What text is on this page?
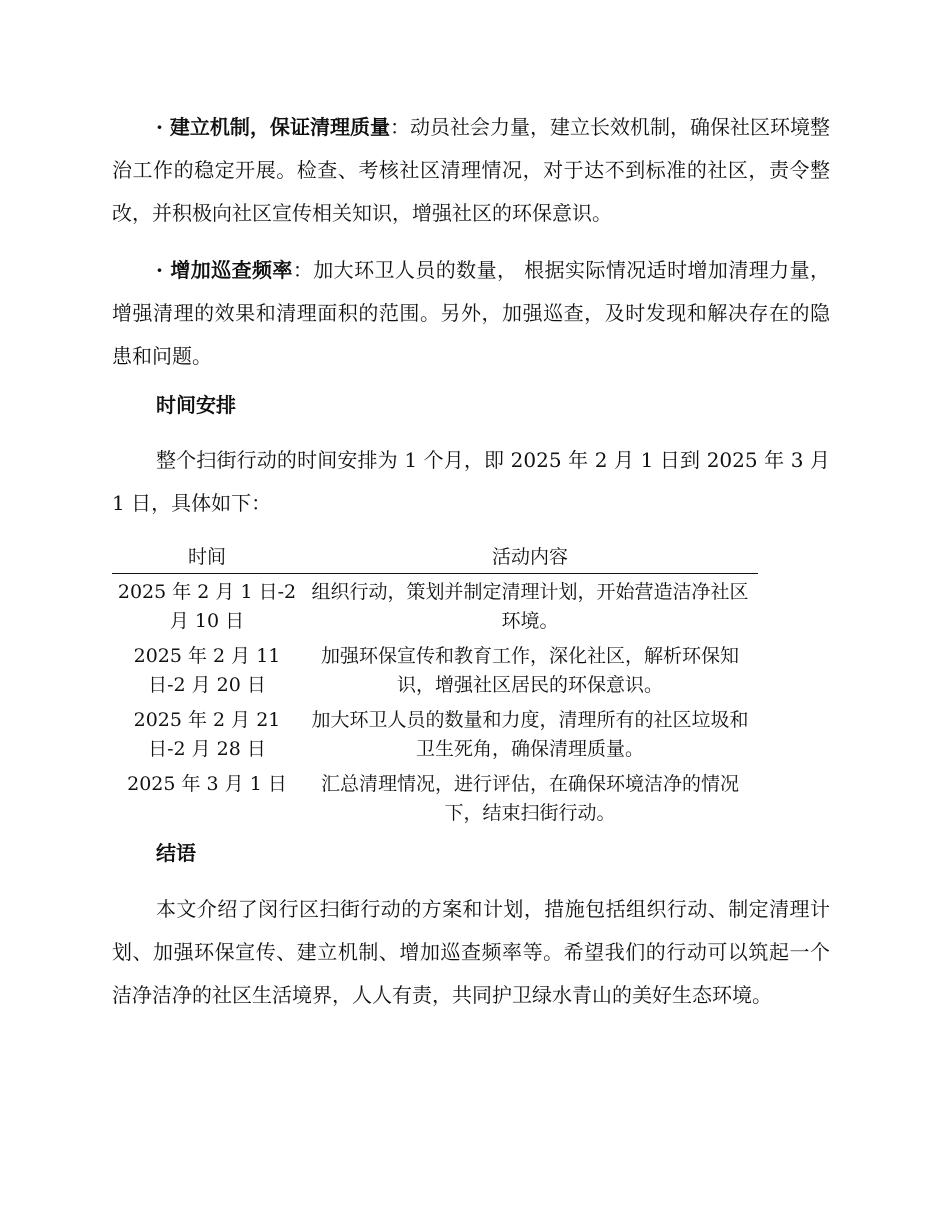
· 建立机制，保证清理质量：动员社会力量，建立长效机制，确保社区环境整治工作的稳定开展。检查、考核社区清理情况，对于达不到标准的社区，责令整改，并积极向社区宣传相关知识，增强社区的环保意识。

· 增加巡查频率：加大环卫人员的数量， 根据实际情况适时增加清理力量，增强清理的效果和清理面积的范围。另外，加强巡查，及时发现和解决存在的隐患和问题。

时间安排

整个扫街行动的时间安排为 1 个月，即 2025 年 2 月 1 日到 2025 年 3 月 1 日，具体如下：

时间	活动内容
2025 年 2 月 1 日-2 月 10 日	组织行动，策划并制定清理计划，开始营造洁净社区环境。
2025 年 2 月 11 日-2 月 20 日	加强环保宣传和教育工作，深化社区，解析环保知识，增强社区居民的环保意识。
2025 年 2 月 21 日-2 月 28 日	加大环卫人员的数量和力度，清理所有的社区垃圾和卫生死角，确保清理质量。
2025 年 3 月 1 日	汇总清理情况，进行评估，在确保环境洁净的情况下，结束扫街行动。
结语

本文介绍了闵行区扫街行动的方案和计划，措施包括组织行动、制定清理计划、加强环保宣传、建立机制、增加巡查频率等。希望我们的行动可以筑起一个洁净洁净的社区生活境界，人人有责，共同护卫绿水青山的美好生态环境。
